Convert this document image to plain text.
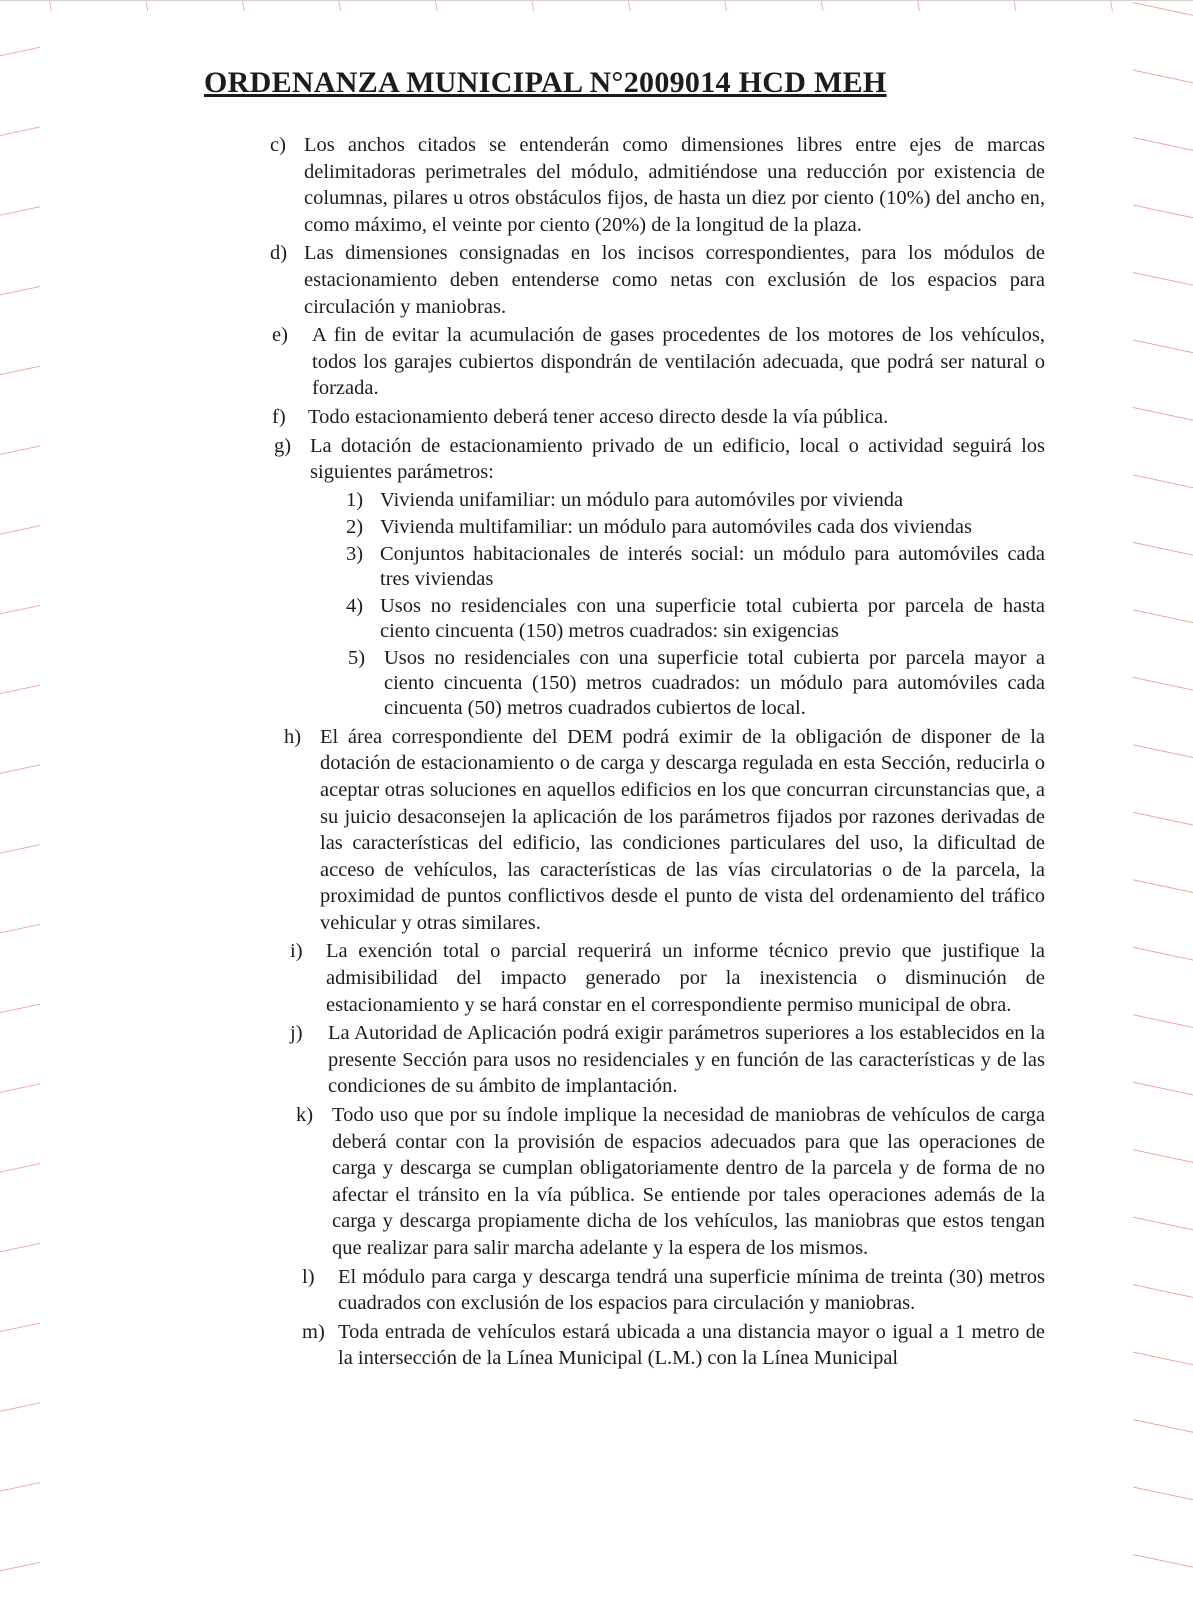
ORDENANZA MUNICIPAL N°2009014 HCD MEH
c) Los anchos citados se entenderán como dimensiones libres entre ejes de marcas delimitadoras perimetrales del módulo, admitiéndose una reducción por existencia de columnas, pilares u otros obstáculos fijos, de hasta un diez por ciento (10%) del ancho en, como máximo, el veinte por ciento (20%) de la longitud de la plaza.
d) Las dimensiones consignadas en los incisos correspondientes, para los módulos de estacionamiento deben entenderse como netas con exclusión de los espacios para circulación y maniobras.
e) A fin de evitar la acumulación de gases procedentes de los motores de los vehículos, todos los garajes cubiertos dispondrán de ventilación adecuada, que podrá ser natural o forzada.
f) Todo estacionamiento deberá tener acceso directo desde la vía pública.
g) La dotación de estacionamiento privado de un edificio, local o actividad seguirá los siguientes parámetros:
1) Vivienda unifamiliar: un módulo para automóviles por vivienda
2) Vivienda multifamiliar: un módulo para automóviles cada dos viviendas
3) Conjuntos habitacionales de interés social: un módulo para automóviles cada tres viviendas
4) Usos no residenciales con una superficie total cubierta por parcela de hasta ciento cincuenta (150) metros cuadrados: sin exigencias
5) Usos no residenciales con una superficie total cubierta por parcela mayor a ciento cincuenta (150) metros cuadrados: un módulo para automóviles cada cincuenta (50) metros cuadrados cubiertos de local.
h) El área correspondiente del DEM podrá eximir de la obligación de disponer de la dotación de estacionamiento o de carga y descarga regulada en esta Sección, reducirla o aceptar otras soluciones en aquellos edificios en los que concurran circunstancias que, a su juicio desaconsejen la aplicación de los parámetros fijados por razones derivadas de las características del edificio, las condiciones particulares del uso, la dificultad de acceso de vehículos, las características de las vías circulatorias o de la parcela, la proximidad de puntos conflictivos desde el punto de vista del ordenamiento del tráfico vehicular y otras similares.
i) La exención total o parcial requerirá un informe técnico previo que justifique la admisibilidad del impacto generado por la inexistencia o disminución de estacionamiento y se hará constar en el correspondiente permiso municipal de obra.
j) La Autoridad de Aplicación podrá exigir parámetros superiores a los establecidos en la presente Sección para usos no residenciales y en función de las características y de las condiciones de su ámbito de implantación.
k) Todo uso que por su índole implique la necesidad de maniobras de vehículos de carga deberá contar con la provisión de espacios adecuados para que las operaciones de carga y descarga se cumplan obligatoriamente dentro de la parcela y de forma de no afectar el tránsito en la vía pública. Se entiende por tales operaciones además de la carga y descarga propiamente dicha de los vehículos, las maniobras que estos tengan que realizar para salir marcha adelante y la espera de los mismos.
l) El módulo para carga y descarga tendrá una superficie mínima de treinta (30) metros cuadrados con exclusión de los espacios para circulación y maniobras.
m) Toda entrada de vehículos estará ubicada a una distancia mayor o igual a 1 metro de la intersección de la Línea Municipal (L.M.) con la Línea Municipal
